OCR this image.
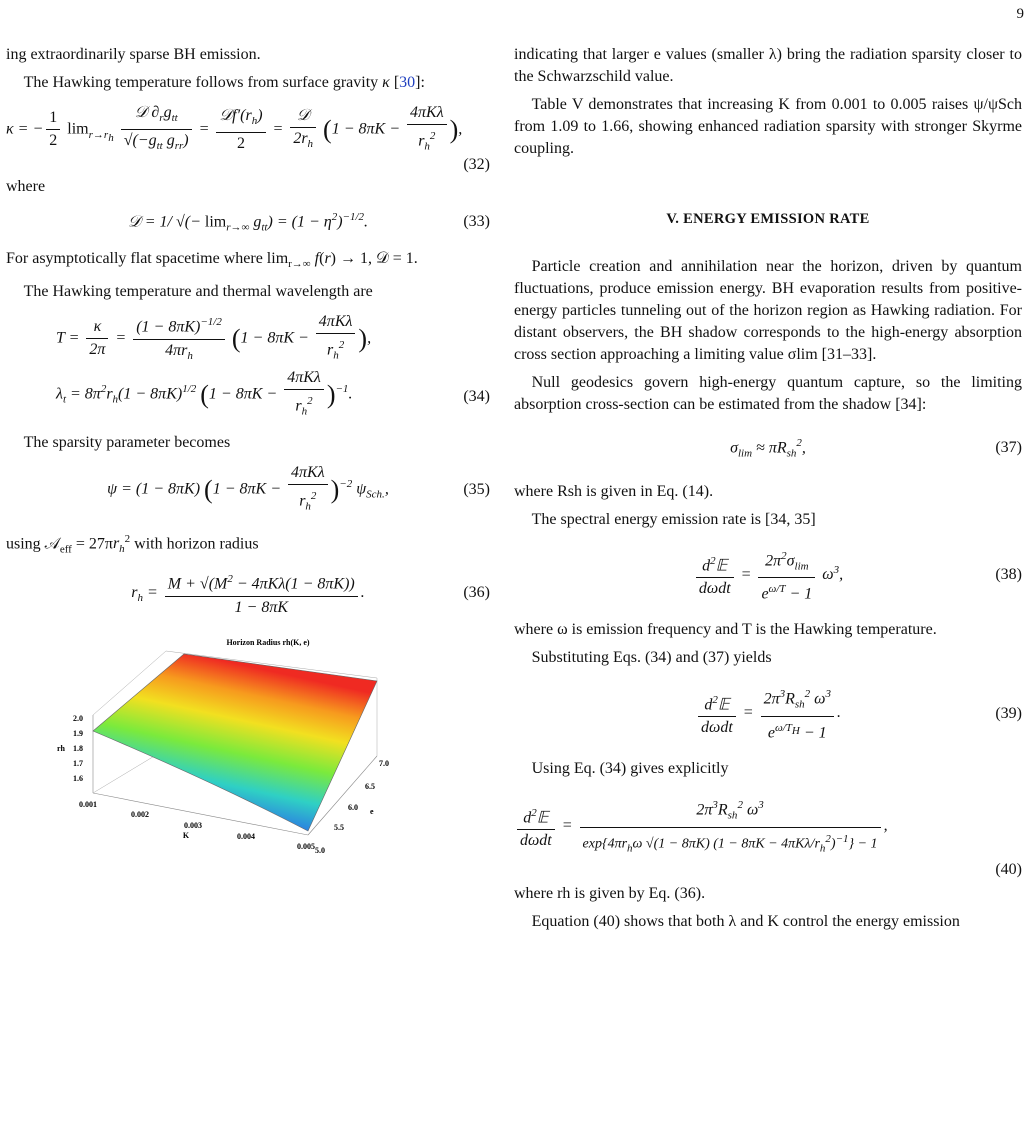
9

ing extraordinarily sparse BH emission.

The Hawking temperature follows from surface gravity κ [30]:

κ = − $\frac{1}{2} \lim_{r\to r_h} \frac{𝒟 \partial_rg_{tt}}{√(-g_{tt} g_{rr})} = \frac{𝒟f'(r_h)}{2} = \frac{\text{𝒟}}{2r_h} (1 - 8\pi K - \frac{\text{4πKλ}}{r_h^2}$ ),
(32)

where

𝒟 = 1/ √(− $\lim_{r\to\infty} g_{tt}) = (1 - \eta^2)^{-1/2}$.	(33)

For asymptotically flat spacetime where $\lim_{r\to\infty} f(r) \to 1$, 𝒟 = 1.

The Hawking temperature and thermal wavelength are

$T = \frac{\kappa}{2\pi} = \frac{(1 - 8\pi K)^{-1/2}}{4\pi r_h} (1 - 8\pi K - \frac{\text{4πKλ}}{r_h^2}$ ),
$\lambda_t = 8\pi^2r_h(1 - 8\pi K)^{1/2}$ $(1 - 8\pi K - \frac{\text{4πKλ}}{r_h^2} )^{-1}$.	(34)

The sparsity parameter becomes

ψ = (1 − 8πK) $(1 - 8\pi K - \frac{\text{4πKλ}}{r_h^2} )^{-2}$ $\psi_{Sch.}$,	(35)

using 𝒜$_{eff}$ = $27\pi r_h^2$ with horizon radius

$r_h = \frac{M + √(M^2 - 4\pi K\lambda(1 - 8\pi K))}{1 - 8\pi K}$ .	(36)
Horizon Radius rh(K, e)
2.0
1.9
1.8
1.7
1.6
rh
0.001
0.002
0.003
0.004
0.005
K
7.0
6.5
6.0
5.5
5.0
e

indicating that larger e values (smaller λ) bring the radiation sparsity closer to the Schwarzschild value.

Table V demonstrates that increasing K from 0.001 to 0.005 raises ψ/ψSch from 1.09 to 1.66, showing enhanced radiation sparsity with stronger Skyrme coupling.

V. ENERGY EMISSION RATE

Particle creation and annihilation near the horizon, driven by quantum fluctuations, produce emission energy. BH evaporation results from positive-energy particles tunneling out of the horizon region as Hawking radiation. For distant observers, the BH shadow corresponds to the high-energy absorption cross section approaching a limiting value σlim [31–33].

Null geodesics govern high-energy quantum capture, so the limiting absorption cross-section can be estimated from the shadow [34]:

$\sigma_{lim} \approx \pi R_{sh}^2$,	(37)

where Rsh is given in Eq. (14).

The spectral energy emission rate is [34, 35]

$\frac{d^2𝔼}{\text{dωdt}} = \frac{2\pi^2\sigma_{lim}}{e^{\omega/T} - 1} \omega^3$,	(38)

where ω is emission frequency and T is the Hawking temperature.

Substituting Eqs. (34) and (37) yields

$\frac{d^2𝔼}{\text{dωdt}} = \frac{2\pi^3R_{sh}^2 \omega^3}{e^{\omega/T_H} - 1}$ .	(39)

Using Eq. (34) gives explicitly

$\frac{d^2𝔼}{\text{dωdt}} = \frac{2\pi^3R_{sh}^2 \omega^3}{\exp\{4\pi r_h\omega √(1 - 8\pi K) (1 - 8\pi K - 4\pi K\lambda/r_h^2)^{-1}\} - 1}$ ,
(40)

where rh is given by Eq. (36).

Equation (40) shows that both λ and K control the energy emission
